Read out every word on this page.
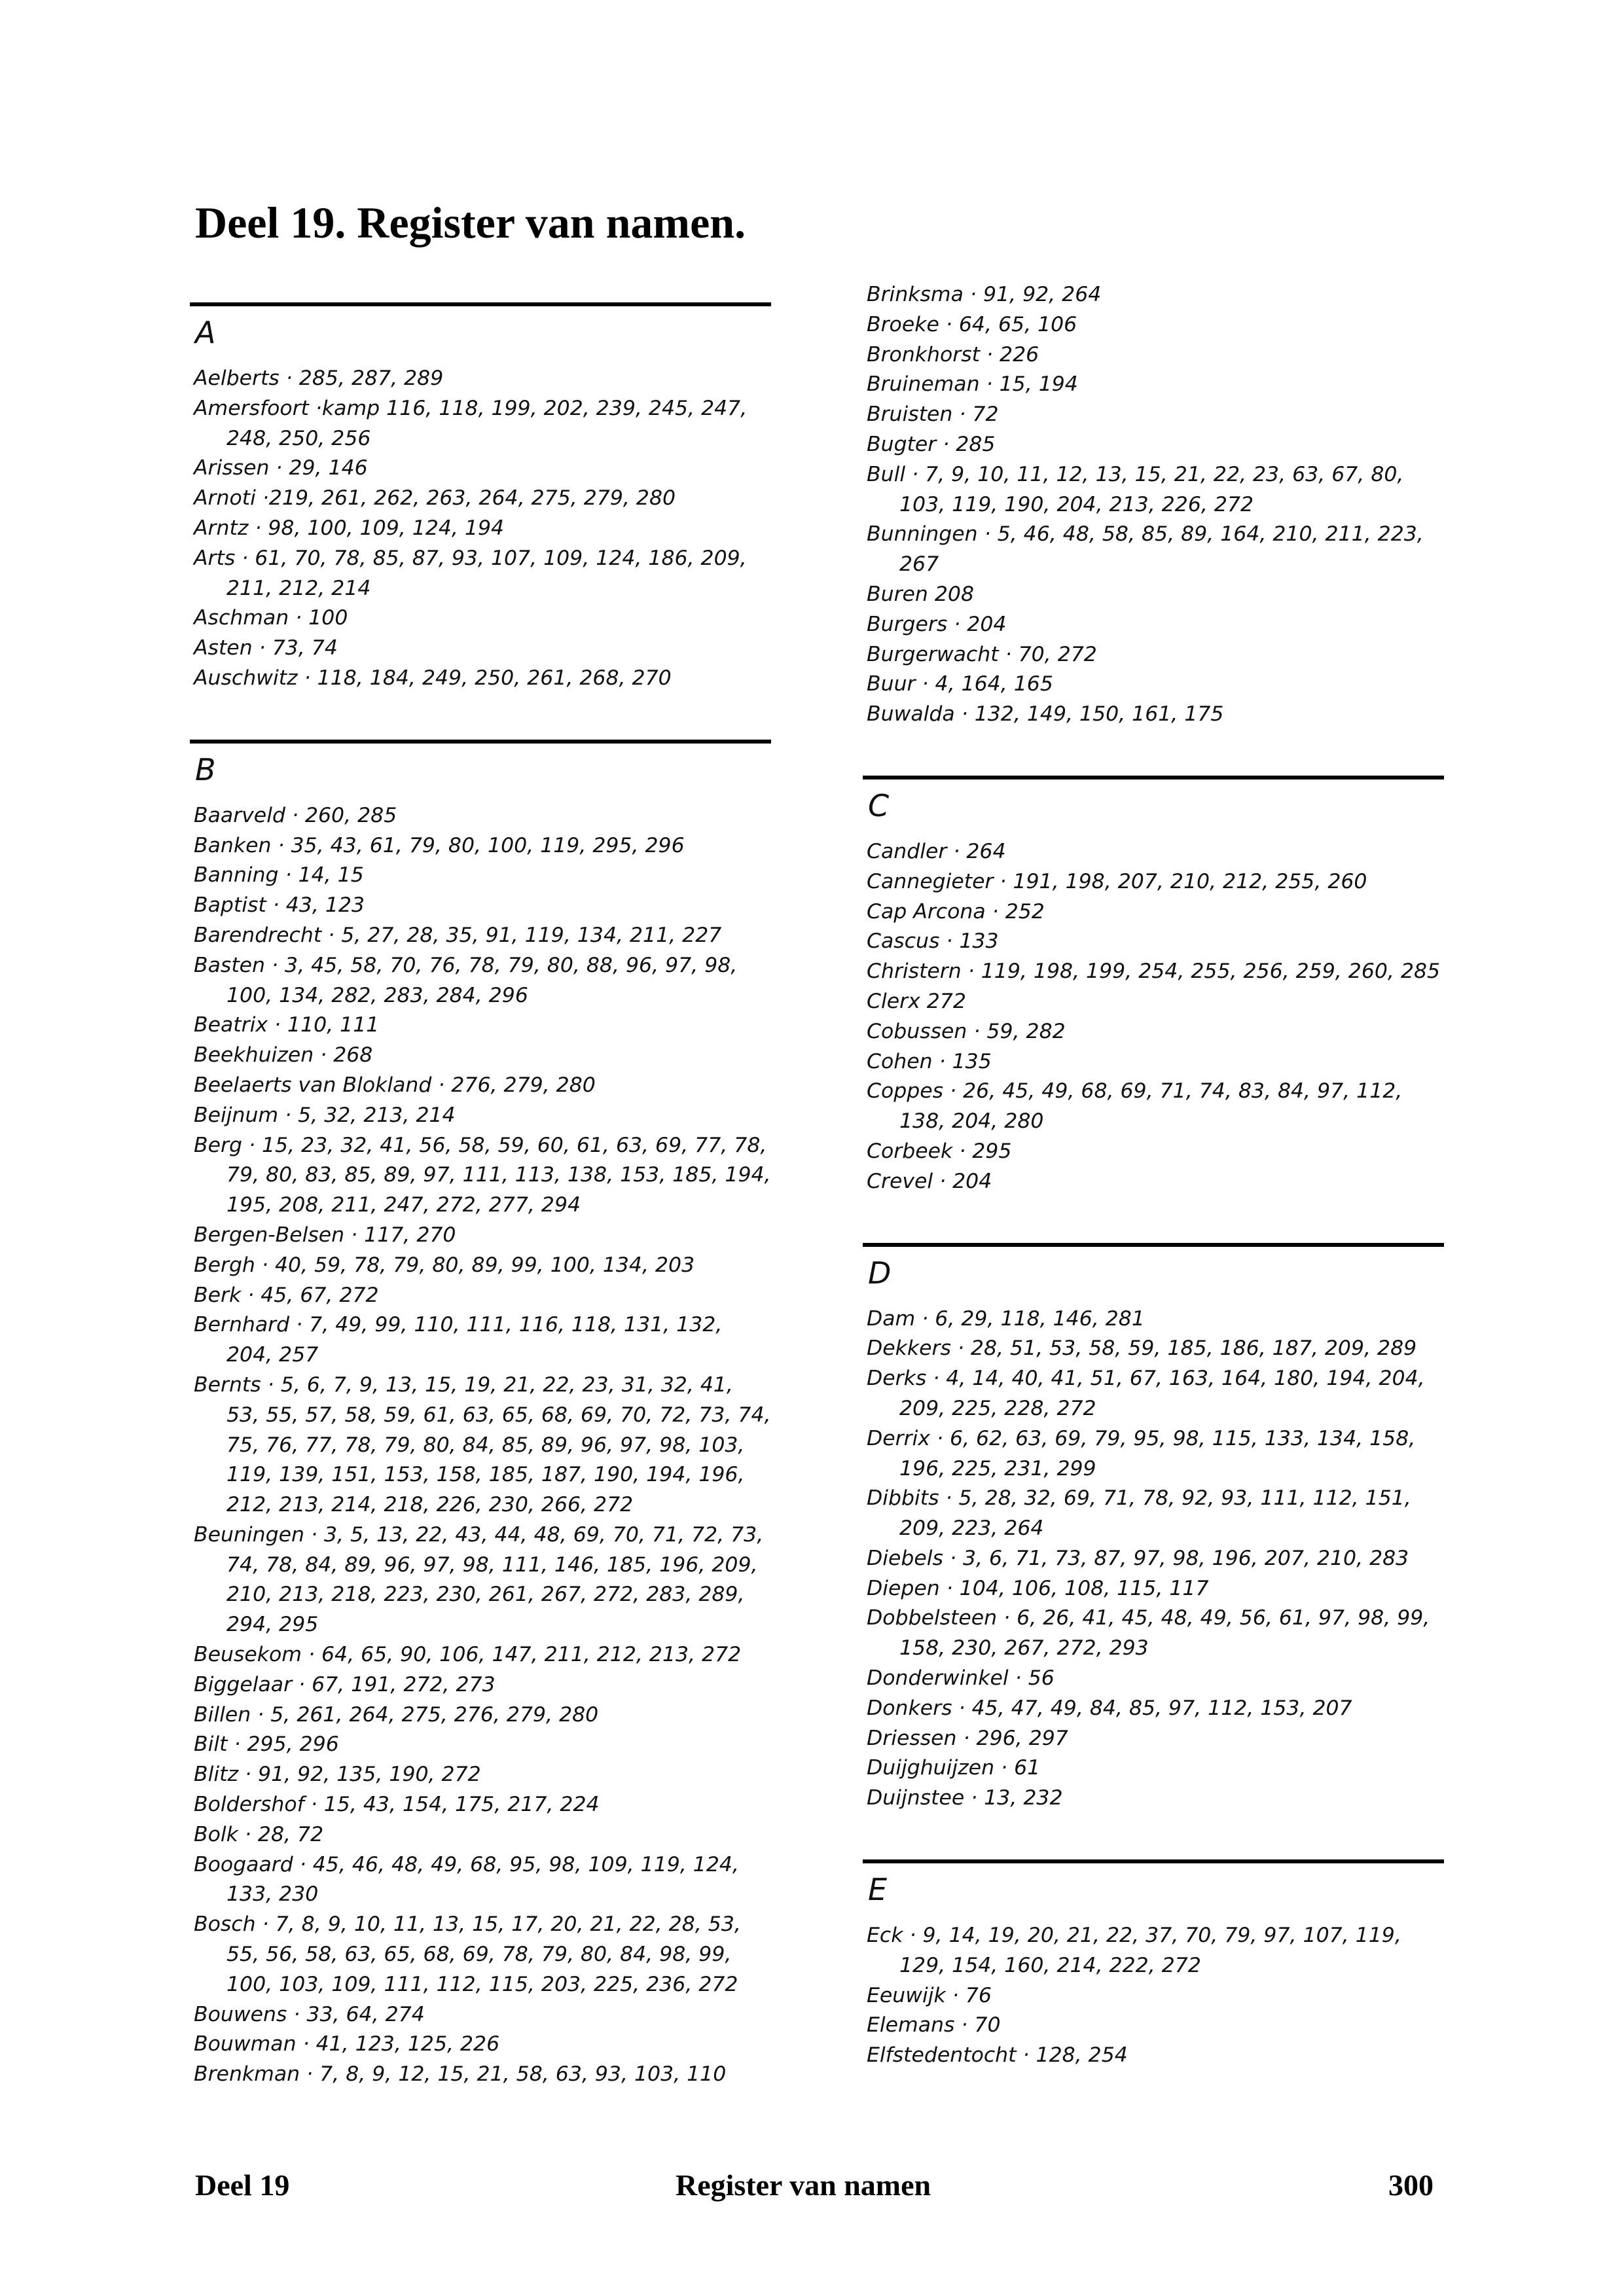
Deel 19. Register van namen.
A
Aelberts · 285, 287, 289
Amersfoort ·kamp 116, 118, 199, 202, 239, 245, 247, 248, 250, 256
Arissen · 29, 146
Arnoti ·219, 261, 262, 263, 264, 275, 279, 280
Arntz · 98, 100, 109, 124, 194
Arts · 61, 70, 78, 85, 87, 93, 107, 109, 124, 186, 209, 211, 212, 214
Aschman · 100
Asten · 73, 74
Auschwitz · 118, 184, 249, 250, 261, 268, 270
B
Baarveld · 260, 285
Banken · 35, 43, 61, 79, 80, 100, 119, 295, 296
Banning · 14, 15
Baptist · 43, 123
Barendrecht · 5, 27, 28, 35, 91, 119, 134, 211, 227
Basten · 3, 45, 58, 70, 76, 78, 79, 80, 88, 96, 97, 98, 100, 134, 282, 283, 284, 296
Beatrix · 110, 111
Beekhuizen · 268
Beelaerts van Blokland · 276, 279, 280
Beijnum · 5, 32, 213, 214
Berg · 15, 23, 32, 41, 56, 58, 59, 60, 61, 63, 69, 77, 78, 79, 80, 83, 85, 89, 97, 111, 113, 138, 153, 185, 194, 195, 208, 211, 247, 272, 277, 294
Bergen-Belsen · 117, 270
Bergh · 40, 59, 78, 79, 80, 89, 99, 100, 134, 203
Berk · 45, 67, 272
Bernhard · 7, 49, 99, 110, 111, 116, 118, 131, 132, 204, 257
Bernts · 5, 6, 7, 9, 13, 15, 19, 21, 22, 23, 31, 32, 41, 53, 55, 57, 58, 59, 61, 63, 65, 68, 69, 70, 72, 73, 74, 75, 76, 77, 78, 79, 80, 84, 85, 89, 96, 97, 98, 103, 119, 139, 151, 153, 158, 185, 187, 190, 194, 196, 212, 213, 214, 218, 226, 230, 266, 272
Beuningen · 3, 5, 13, 22, 43, 44, 48, 69, 70, 71, 72, 73, 74, 78, 84, 89, 96, 97, 98, 111, 146, 185, 196, 209, 210, 213, 218, 223, 230, 261, 267, 272, 283, 289, 294, 295
Beusekom · 64, 65, 90, 106, 147, 211, 212, 213, 272
Biggelaar · 67, 191, 272, 273
Billen · 5, 261, 264, 275, 276, 279, 280
Bilt · 295, 296
Blitz · 91, 92, 135, 190, 272
Boldershof · 15, 43, 154, 175, 217, 224
Bolk · 28, 72
Boogaard · 45, 46, 48, 49, 68, 95, 98, 109, 119, 124, 133, 230
Bosch · 7, 8, 9, 10, 11, 13, 15, 17, 20, 21, 22, 28, 53, 55, 56, 58, 63, 65, 68, 69, 78, 79, 80, 84, 98, 99, 100, 103, 109, 111, 112, 115, 203, 225, 236, 272
Bouwens · 33, 64, 274
Bouwman · 41, 123, 125, 226
Brenkman · 7, 8, 9, 12, 15, 21, 58, 63, 93, 103, 110
Brinksma · 91, 92, 264
Broeke · 64, 65, 106
Bronkhorst · 226
Bruineman · 15, 194
Bruisten · 72
Bugter · 285
Bull · 7, 9, 10, 11, 12, 13, 15, 21, 22, 23, 63, 67, 80, 103, 119, 190, 204, 213, 226, 272
Bunningen · 5, 46, 48, 58, 85, 89, 164, 210, 211, 223, 267
Buren 208
Burgers · 204
Burgerwacht · 70, 272
Buur · 4, 164, 165
Buwalda · 132, 149, 150, 161, 175
C
Candler · 264
Cannegieter · 191, 198, 207, 210, 212, 255, 260
Cap Arcona · 252
Cascus · 133
Christern · 119, 198, 199, 254, 255, 256, 259, 260, 285
Clerx 272
Cobussen · 59, 282
Cohen · 135
Coppes · 26, 45, 49, 68, 69, 71, 74, 83, 84, 97, 112, 138, 204, 280
Corbeek · 295
Crevel · 204
D
Dam · 6, 29, 118, 146, 281
Dekkers · 28, 51, 53, 58, 59, 185, 186, 187, 209, 289
Derks · 4, 14, 40, 41, 51, 67, 163, 164, 180, 194, 204, 209, 225, 228, 272
Derrix · 6, 62, 63, 69, 79, 95, 98, 115, 133, 134, 158, 196, 225, 231, 299
Dibbits · 5, 28, 32, 69, 71, 78, 92, 93, 111, 112, 151, 209, 223, 264
Diebels · 3, 6, 71, 73, 87, 97, 98, 196, 207, 210, 283
Diepen · 104, 106, 108, 115, 117
Dobbelsteen · 6, 26, 41, 45, 48, 49, 56, 61, 97, 98, 99, 158, 230, 267, 272, 293
Donderwinkel · 56
Donkers · 45, 47, 49, 84, 85, 97, 112, 153, 207
Driessen · 296, 297
Duijghuijzen · 61
Duijnstee · 13, 232
E
Eck · 9, 14, 19, 20, 21, 22, 37, 70, 79, 97, 107, 119, 129, 154, 160, 214, 222, 272
Eeuwijk · 76
Elemans · 70
Elfstedentocht · 128, 254
Deel 19	Register van namen	300
